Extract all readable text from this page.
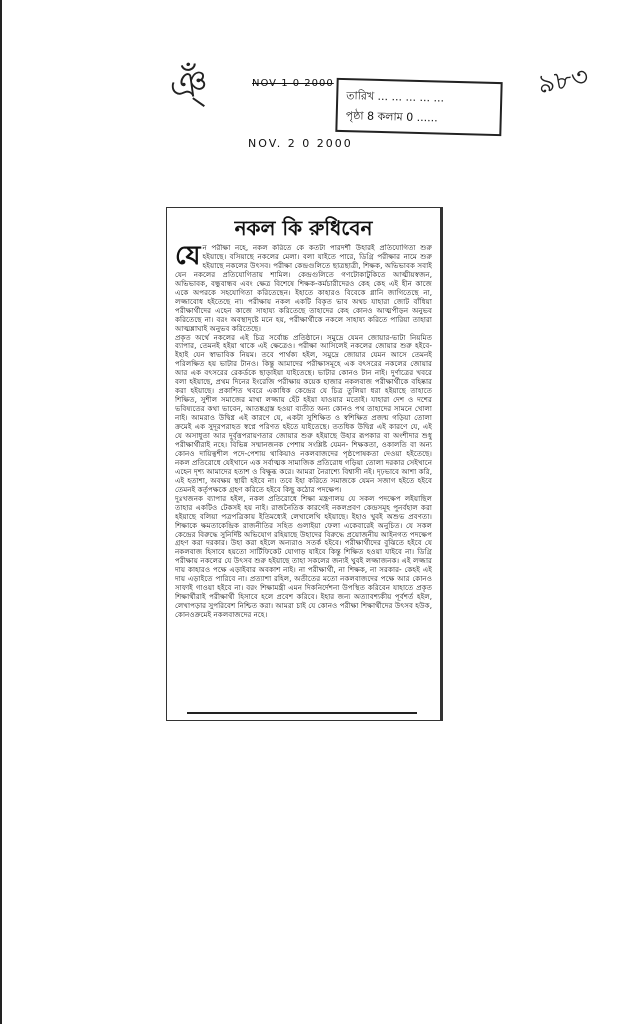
ঞ্ঁ	৯৮৩
NOV 1 0 2000
তারিখ ... ... ... ... ...
পৃষ্ঠা 8 কলাম 0 ......
NOV. 2 0 2000
নকল কি রুধিবেন

যেন পরীক্ষা নহে, নকল করিতে কে কতটা পারদর্শী উহারই প্রতিযোগিতা শুরু হইয়াছে। বসিয়াছে নকলের মেলা। বলা যাইতে পারে, ডিগ্রি পরীক্ষার নামে শুরু হইয়াছে নকলের উৎসব। পরীক্ষা কেন্দ্রগুলিতে ছাত্রছাত্রী, শিক্ষক, অভিভাবক সবাই যেন নকলের প্রতিযোগিতায় শামিল। কেন্দ্রগুলিতে গণটোকাটুকিতে আত্মীয়স্বজন, অভিভাবক, বন্ধুবান্ধব এবং ক্ষেত্র বিশেষে শিক্ষক-কর্মচারীদেরও কেহ কেহ এই হীন কাজে একে অপরকে সহযোগিতা করিতেছেন। ইহাতে কাহারও বিবেকে গ্লানি জাগিতেছে না, লজ্জাবোধ হইতেছে না। পরীক্ষায় নকল একটি বিকৃত ভাব অথচ যাহারা জোট বাঁধিয়া পরীক্ষার্থীদের এহেন কাজে সাহায্য করিতেছে তাহাদের কেহ কোনও আত্মপীড়ন অনুভব করিতেছে না। বরং অবস্থাদৃষ্টে মনে হয়, পরীক্ষার্থীকে নকলে সাহায্য করিতে পারিয়া তাহারা আত্মশ্লাঘাই অনুভব করিতেছে।

প্রকৃত অর্থে নকলের এই চিত্র সর্বোচ্চ প্রতিষ্ঠানে। সমুদ্রে যেমন জোয়ার-ভাটা নিয়মিত ব্যাপার, তেমনই হইয়া থাকে এই ক্ষেত্রেও। পরীক্ষা আসিলেই নকলের জোয়ার শুরু হইবে- ইহাই যেন স্বাভাবিক নিয়ম। তবে পার্থক্য হইল, সমুদ্রে জোয়ার যেমন আসে তেমনই পরিলক্ষিত হয় ভাটার টানও। কিন্তু আমাদের পরীক্ষাসমূহে এক বৎসরের নকলের জোয়ার আর এক বৎসরের রেকর্ডকে ছাড়াইয়া যাইতেছে। ভাটার কোনও টান নাই। দুর্ণাত্রের খবরে বলা হইয়াছে, প্রথম দিনের ইংরেজি পরীক্ষায় কয়েক হাজার নকলবাজ পরীক্ষার্থীকে বহিষ্কার করা হইয়াছে। প্রকাশিত খবরে একাধিক কেন্দ্রের যে চিত্র তুলিয়া ধরা হইয়াছে তাহাতে শিক্ষিত, সুশীল সমাজের মাথা লজ্জায় হেঁট হইয়া যাওয়ার মতোই। যাহারা দেশ ও দশের ভবিষ্যতের কথা ভাবেন, আতঙ্কগ্রস্ত হওয়া ব্যতীত অন্য কোনও পথ তাহাদের সামনে খোলা নাই। আমরাও উদ্বিগ্ন এই কারণে যে, একটা সুশিক্ষিত ও স্বশিক্ষিত প্রজন্ম গড়িয়া তোলা ক্রমেই এক সুদূরপরাহত স্বপ্নে পরিণত হইতে যাইতেছে। ততধিক উদ্বিগ্ন এই কারণে যে, এই যে অসাধুতা আর দুর্বৃত্তপরায়ণতার জোয়ার শুরু হইয়াছে উহার রূপকার বা অংশীদার শুধু পরীক্ষার্থীরাই নহে। বিভিন্ন সম্মানজনক পেশায় সংশ্লিষ্ট যেমন- শিক্ষকতা, ওকালতি বা অন্য কোনও দায়িত্বশীল পদে-পেশায় থাকিয়াও নকলবাজদের পৃষ্ঠপোষকতা দেওয়া হইতেছে। নকল প্রতিরোধে যেইখানে এক সর্বাত্মক সামাজিক প্রতিরোধ গড়িয়া তোলা দরকার সেইখানে এহেন দৃশ্য আমাদের হতাশ ও বিক্ষুব্ধ করে। আমরা নৈরাশ্যে বিশ্বাসী নই। দৃঢ়ভাবে আশা করি, এই হতাশা, অবক্ষয় স্থায়ী হইবে না। তবে ইহা করিতে সমাজকে যেমন সজাগ হইতে হইবে তেমনই কর্তৃপক্ষকে গ্রহণ করিতে হইবে কিছু কঠোর পদক্ষেপ।

দুঃখজনক ব্যাপার হইল, নকল প্রতিরোধে শিক্ষা মন্ত্রণালয় যে সকল পদক্ষেপ লইয়াছিল তাহার একটিও টেকসই হয় নাই। রাজনৈতিক কারণেই নকলপ্রবণ কেন্দ্রসমূহ পুনর্বহাল করা হইয়াছে বলিয়া পত্রপত্রিকায় ইতিমধ্যেই লেখালেখি হইয়াছে। ইহাও খুবই অশুভ প্রবণতা। শিক্ষাকে ক্ষমতাকেন্দ্রিক রাজনীতির সহিত গুলাইয়া ফেলা একেবারেই অনুচিত। যে সকল কেন্দ্রের বিরুদ্ধে সুনির্দিষ্ট অভিযোগ রহিয়াছে উহাদের বিরুদ্ধে প্রয়োজনীয় আইনগত পদক্ষেপ গ্রহণ করা দরকার। উহা করা হইলে অন্যরাও সতর্ক হইবে। পরীক্ষার্থীদের বুঝিতে হইবে যে নকলবাজ হিসাবে হয়তো সার্টিফিকেট যোগাড় যাইবে কিন্তু শিক্ষিত হওয়া যাইবে না। ডিগ্রি পরীক্ষায় নকলের যে উৎসব শুরু হইয়াছে তাহা সকলের জন্যই খুবই লজ্জাজনক। এই লজ্জার দায় কাহারও পক্ষে এড়াইবার অবকাশ নাই। না পরীক্ষার্থী, না শিক্ষক, না সরকার- কেহই এই দায় এড়াইতে পারিবে না। প্রত্যাশা রহিল, অতীতের মতো নকলবাজদের পক্ষে আর কোনও সাফাই গাওয়া হইবে না। বরং শিক্ষামন্ত্রী এমন দিকনির্দেশনা উপস্থিত করিবেন যাহাতে প্রকৃত শিক্ষার্থীরাই পরীক্ষার্থী হিসাবে হলে প্রবেশ করিবে। ইহার জন্য অত্যাবশ্যকীয় পূর্বশর্ত হইল, লেখাপড়ার সুপরিবেশ নিশ্চিত করা। আমরা চাই যে কোনও পরীক্ষা শিক্ষার্থীদের উৎসব হউক, কোনওক্রমেই নকলবাজদের নহে।
